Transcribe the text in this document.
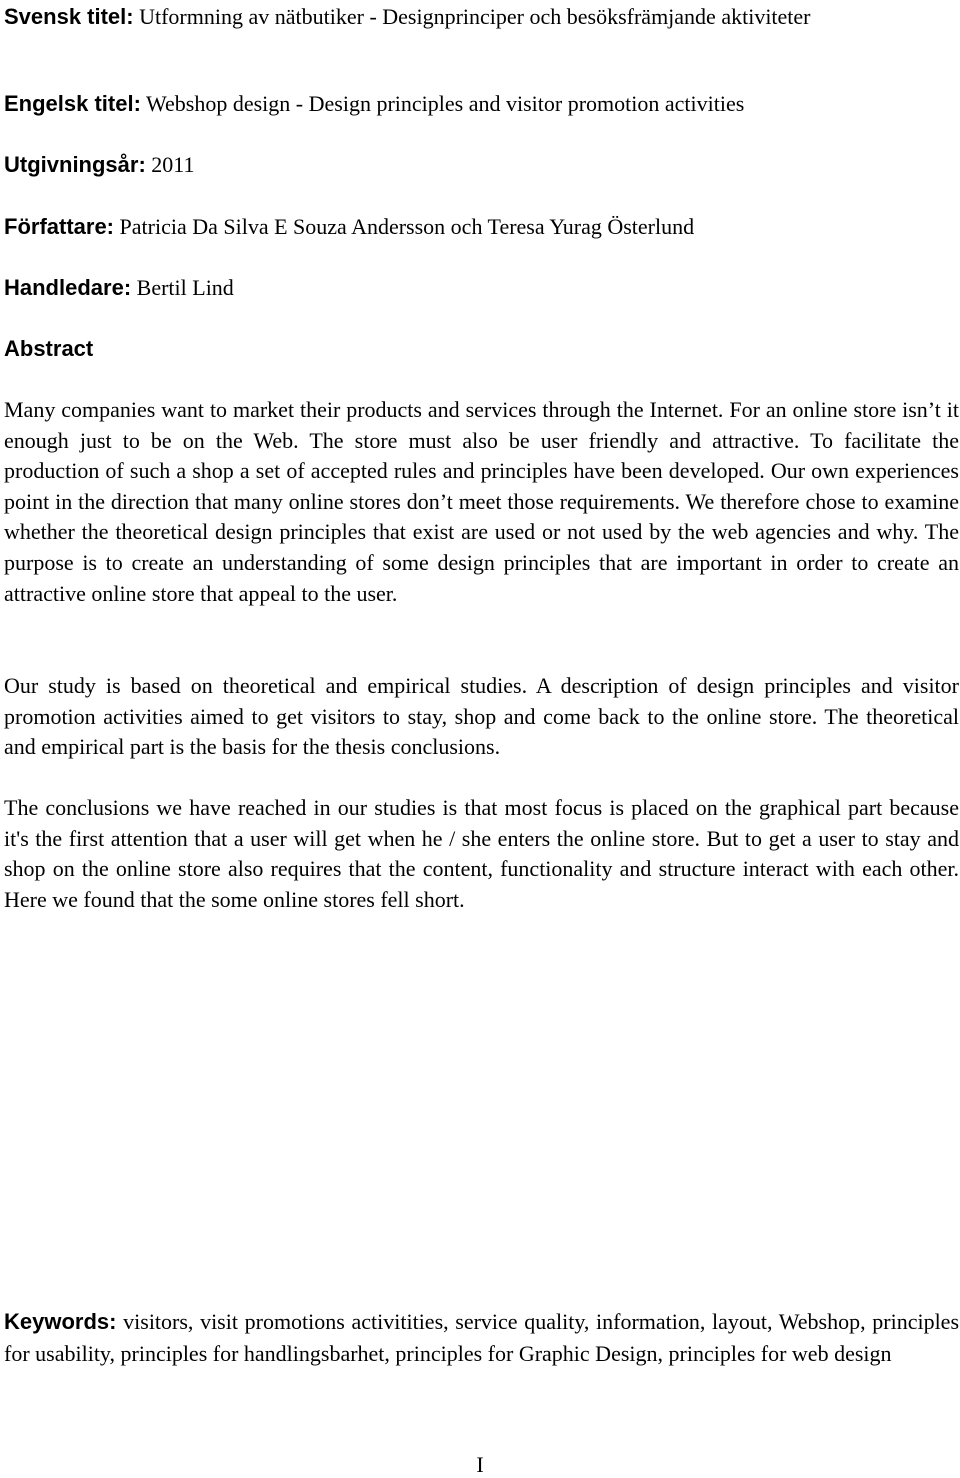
Svensk titel: Utformning av nätbutiker - Designprinciper och besöksfrämjande aktiviteter
Engelsk titel: Webshop design - Design principles and visitor promotion activities
Utgivningsår: 2011
Författare: Patricia Da Silva E Souza Andersson och Teresa Yurag Österlund
Handledare: Bertil Lind
Abstract

Many companies want to market their products and services through the Internet. For an online store isn’t it enough just to be on the Web. The store must also be user friendly and attractive. To facilitate the production of such a shop a set of accepted rules and principles have been developed. Our own experiences point in the direction that many online stores don’t meet those requirements. We therefore chose to examine whether the theoretical design principles that exist are used or not used by the web agencies and why. The purpose is to create an understanding of some design principles that are important in order to create an attractive online store that appeal to the user.

Our study is based on theoretical and empirical studies. A description of design principles and visitor promotion activities aimed to get visitors to stay, shop and come back to the online store. The theoretical and empirical part is the basis for the thesis conclusions.

The conclusions we have reached in our studies is that most focus is placed on the graphical part because it's the first attention that a user will get when he / she enters the online store. But to get a user to stay and shop on the online store also requires that the content, functionality and structure interact with each other. Here we found that the some online stores fell short.

Keywords: visitors, visit promotions activitities, service quality, information, layout, Webshop, principles for usability, principles for handlingsbarhet, principles for Graphic Design, principles for web design

I
